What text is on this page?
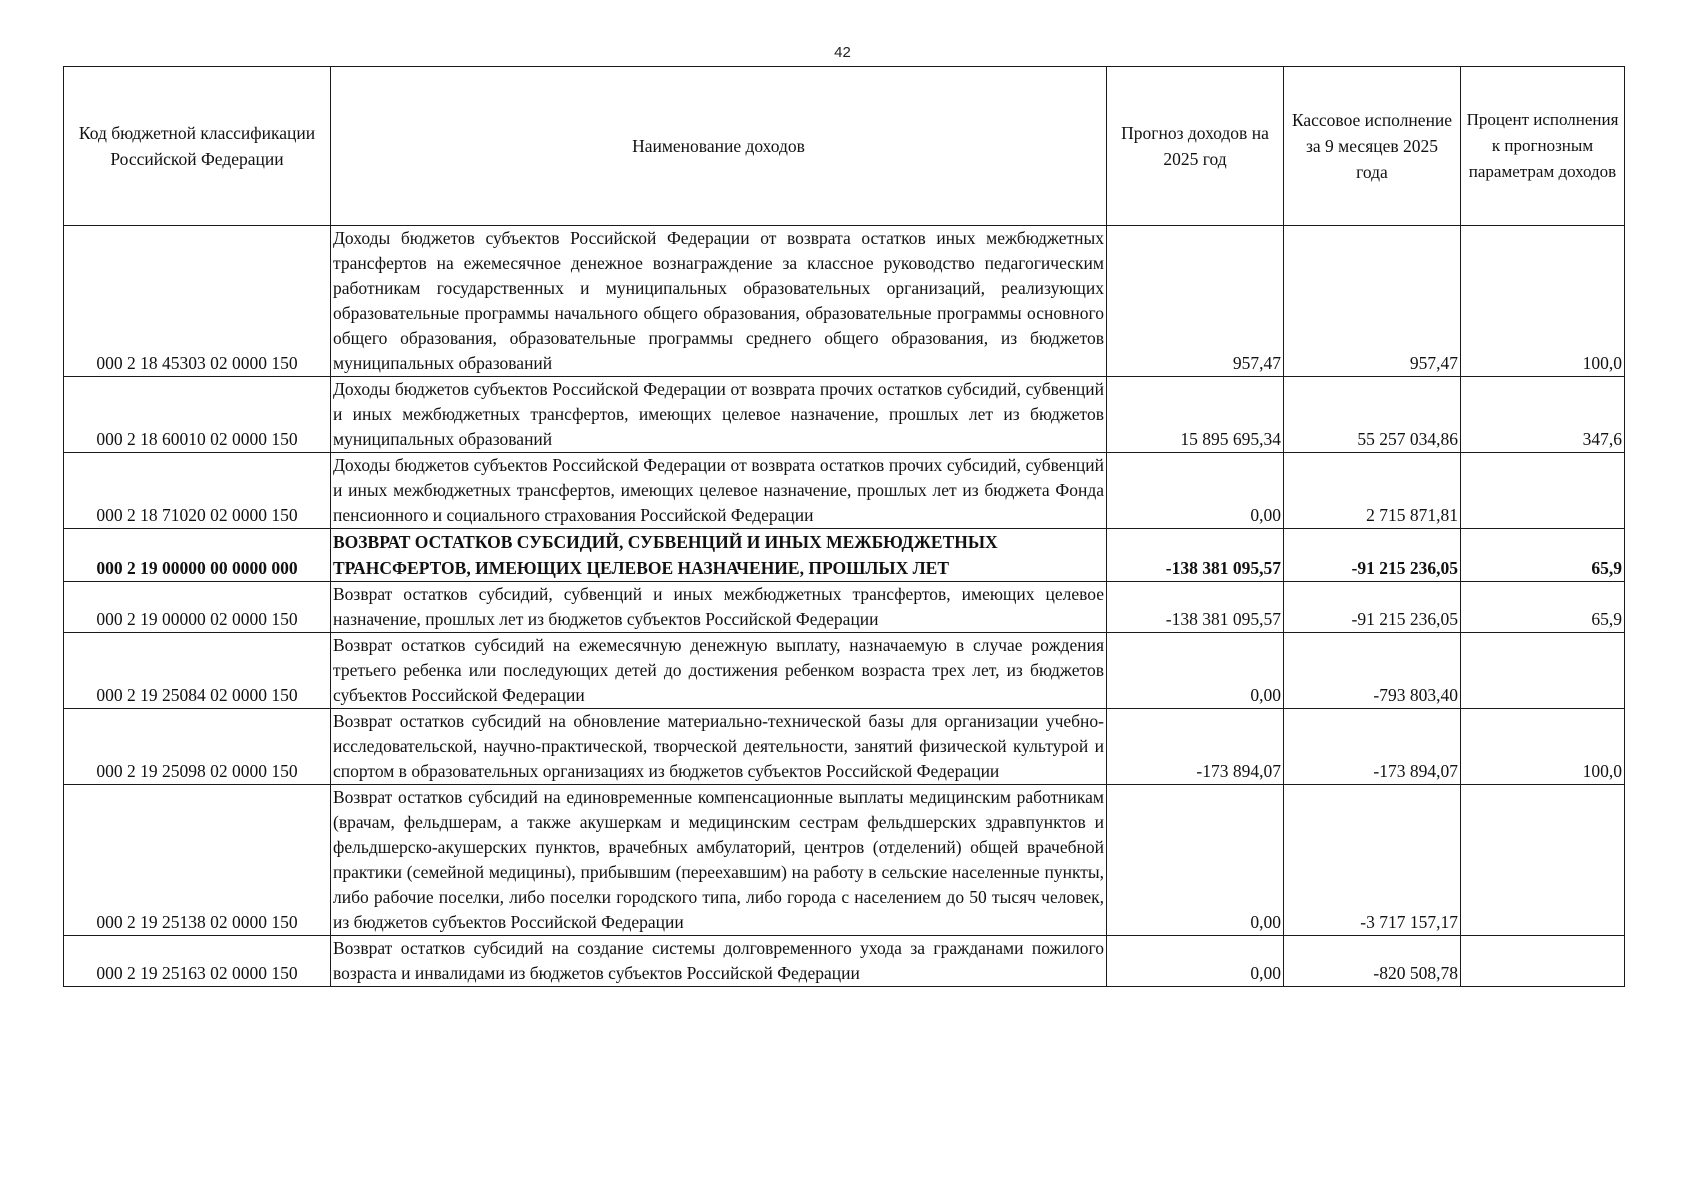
42
Код бюджетной классификации Российской Федерации	Наименование доходов	Прогноз доходов на 2025 год	Кассовое исполнение за 9 месяцев 2025 года	Процент исполнения к прогнозным параметрам доходов
000 2 18 45303 02 0000 150	Доходы бюджетов субъектов Российской Федерации от возврата остатков иных межбюджетных трансфертов на ежемесячное денежное вознаграждение за классное руководство педагогическим работникам государственных и муниципальных образовательных организаций, реализующих образовательные программы начального общего образования, образовательные программы основного общего образования, образовательные программы среднего общего образования, из бюджетов муниципальных образований	957,47	957,47	100,0
000 2 18 60010 02 0000 150	Доходы бюджетов субъектов Российской Федерации от возврата прочих остатков субсидий, субвенций и иных межбюджетных трансфертов, имеющих целевое назначение, прошлых лет из бюджетов муниципальных образований	15 895 695,34	55 257 034,86	347,6
000 2 18 71020 02 0000 150	Доходы бюджетов субъектов Российской Федерации от возврата остатков прочих субсидий, субвенций и иных межбюджетных трансфертов, имеющих целевое назначение, прошлых лет из бюджета Фонда пенсионного и социального страхования Российской Федерации	0,00	2 715 871,81	
000 2 19 00000 00 0000 000	ВОЗВРАТ ОСТАТКОВ СУБСИДИЙ, СУБВЕНЦИЙ И ИНЫХ МЕЖБЮДЖЕТНЫХ ТРАНСФЕРТОВ, ИМЕЮЩИХ ЦЕЛЕВОЕ НАЗНАЧЕНИЕ, ПРОШЛЫХ ЛЕТ	-138 381 095,57	-91 215 236,05	65,9
000 2 19 00000 02 0000 150	Возврат остатков субсидий, субвенций и иных межбюджетных трансфертов, имеющих целевое назначение, прошлых лет из бюджетов субъектов Российской Федерации	-138 381 095,57	-91 215 236,05	65,9
000 2 19 25084 02 0000 150	Возврат остатков субсидий на ежемесячную денежную выплату, назначаемую в случае рождения третьего ребенка или последующих детей до достижения ребенком возраста трех лет, из бюджетов субъектов Российской Федерации	0,00	-793 803,40	
000 2 19 25098 02 0000 150	Возврат остатков субсидий на обновление материально-технической базы для организации учебно-исследовательской, научно-практической, творческой деятельности, занятий физической культурой и спортом в образовательных организациях из бюджетов субъектов Российской Федерации	-173 894,07	-173 894,07	100,0
000 2 19 25138 02 0000 150	Возврат остатков субсидий на единовременные компенсационные выплаты медицинским работникам (врачам, фельдшерам, а также акушеркам и медицинским сестрам фельдшерских здравпунктов и фельдшерско-акушерских пунктов, врачебных амбулаторий, центров (отделений) общей врачебной практики (семейной медицины), прибывшим (переехавшим) на работу в сельские населенные пункты, либо рабочие поселки, либо поселки городского типа, либо города с населением до 50 тысяч человек, из бюджетов субъектов Российской Федерации	0,00	-3 717 157,17	
000 2 19 25163 02 0000 150	Возврат остатков субсидий на создание системы долговременного ухода за гражданами пожилого возраста и инвалидами из бюджетов субъектов Российской Федерации	0,00	-820 508,78	
